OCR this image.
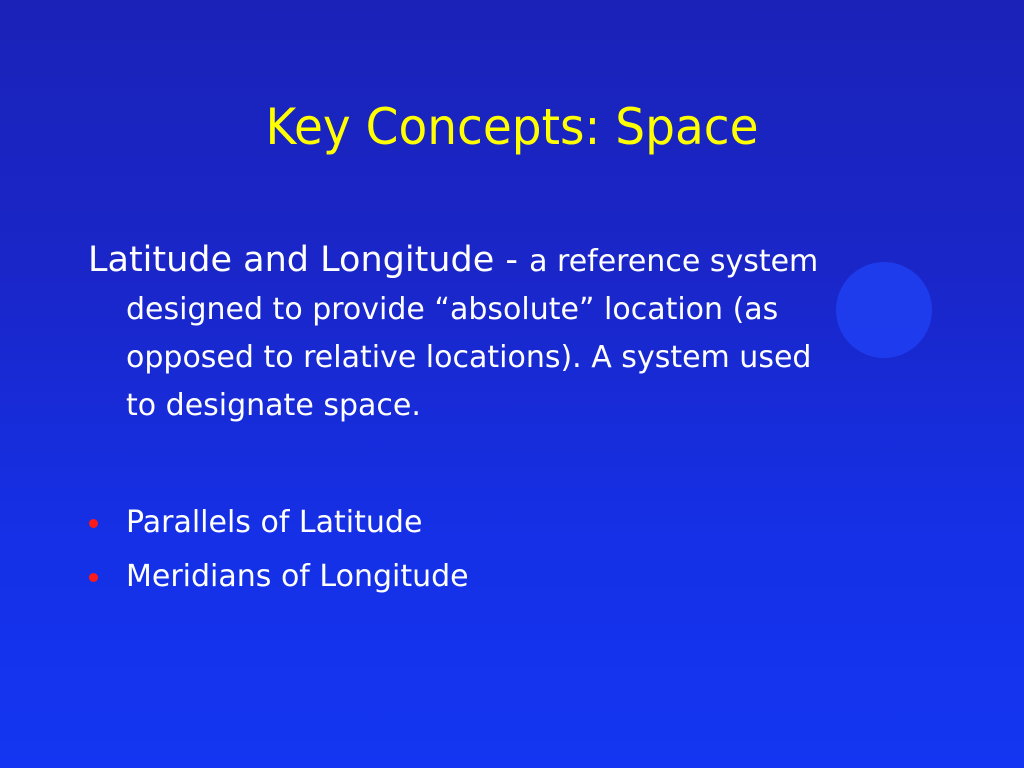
Key Concepts: Space
Latitude and Longitude - a reference system
designed to provide “absolute” location (as
opposed to relative locations). A system used
to designate space.
Parallels of Latitude
Meridians of Longitude
